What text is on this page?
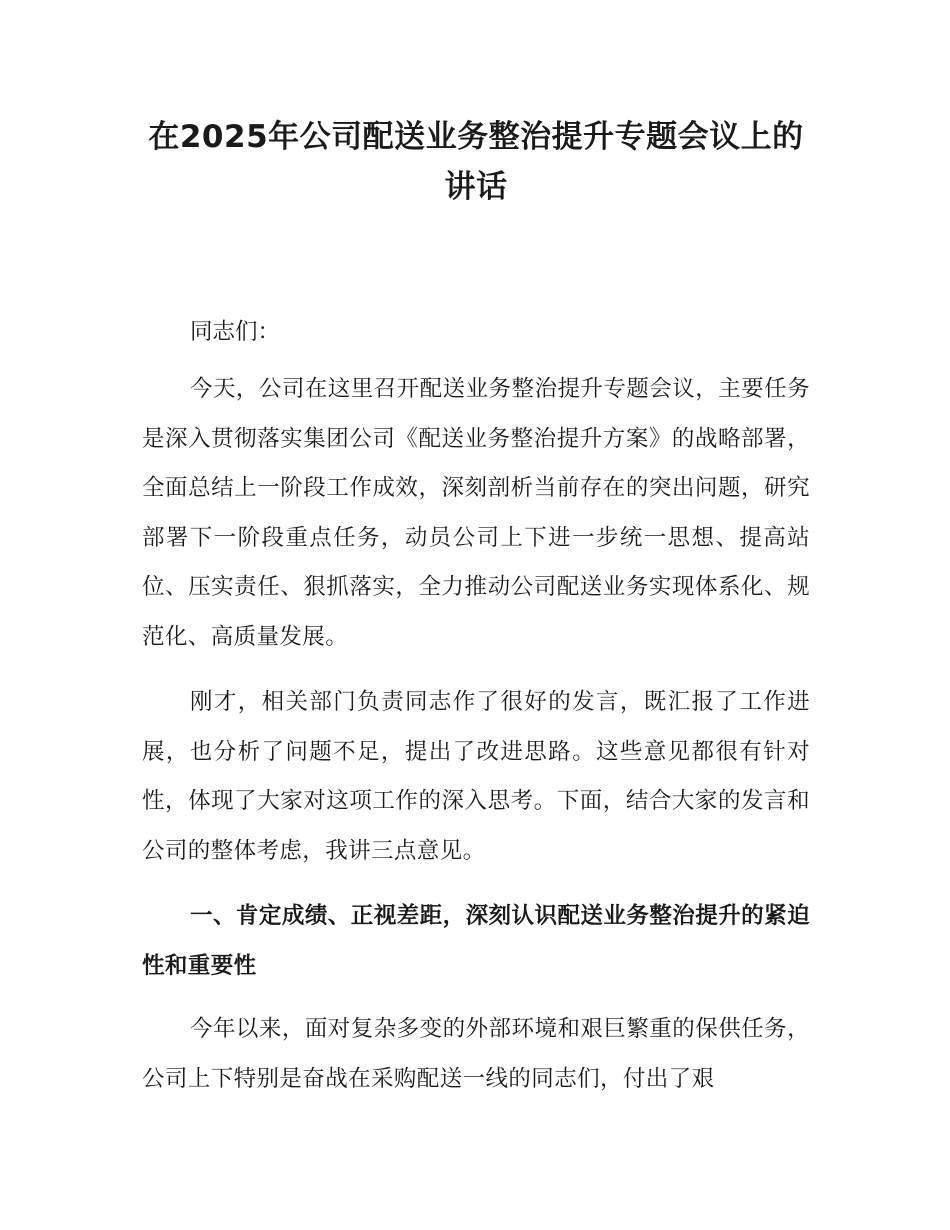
在2025年公司配送业务整治提升专题会议上的讲话

同志们：

今天，公司在这里召开配送业务整治提升专题会议，主要任务是深入贯彻落实集团公司《配送业务整治提升方案》的战略部署，全面总结上一阶段工作成效，深刻剖析当前存在的突出问题，研究部署下一阶段重点任务，动员公司上下进一步统一思想、提高站位、压实责任、狠抓落实，全力推动公司配送业务实现体系化、规范化、高质量发展。

刚才，相关部门负责同志作了很好的发言，既汇报了工作进展，也分析了问题不足，提出了改进思路。这些意见都很有针对性，体现了大家对这项工作的深入思考。下面，结合大家的发言和公司的整体考虑，我讲三点意见。

一、肯定成绩、正视差距，深刻认识配送业务整治提升的紧迫性和重要性

今年以来，面对复杂多变的外部环境和艰巨繁重的保供任务，公司上下特别是奋战在采购配送一线的同志们，付出了艰
